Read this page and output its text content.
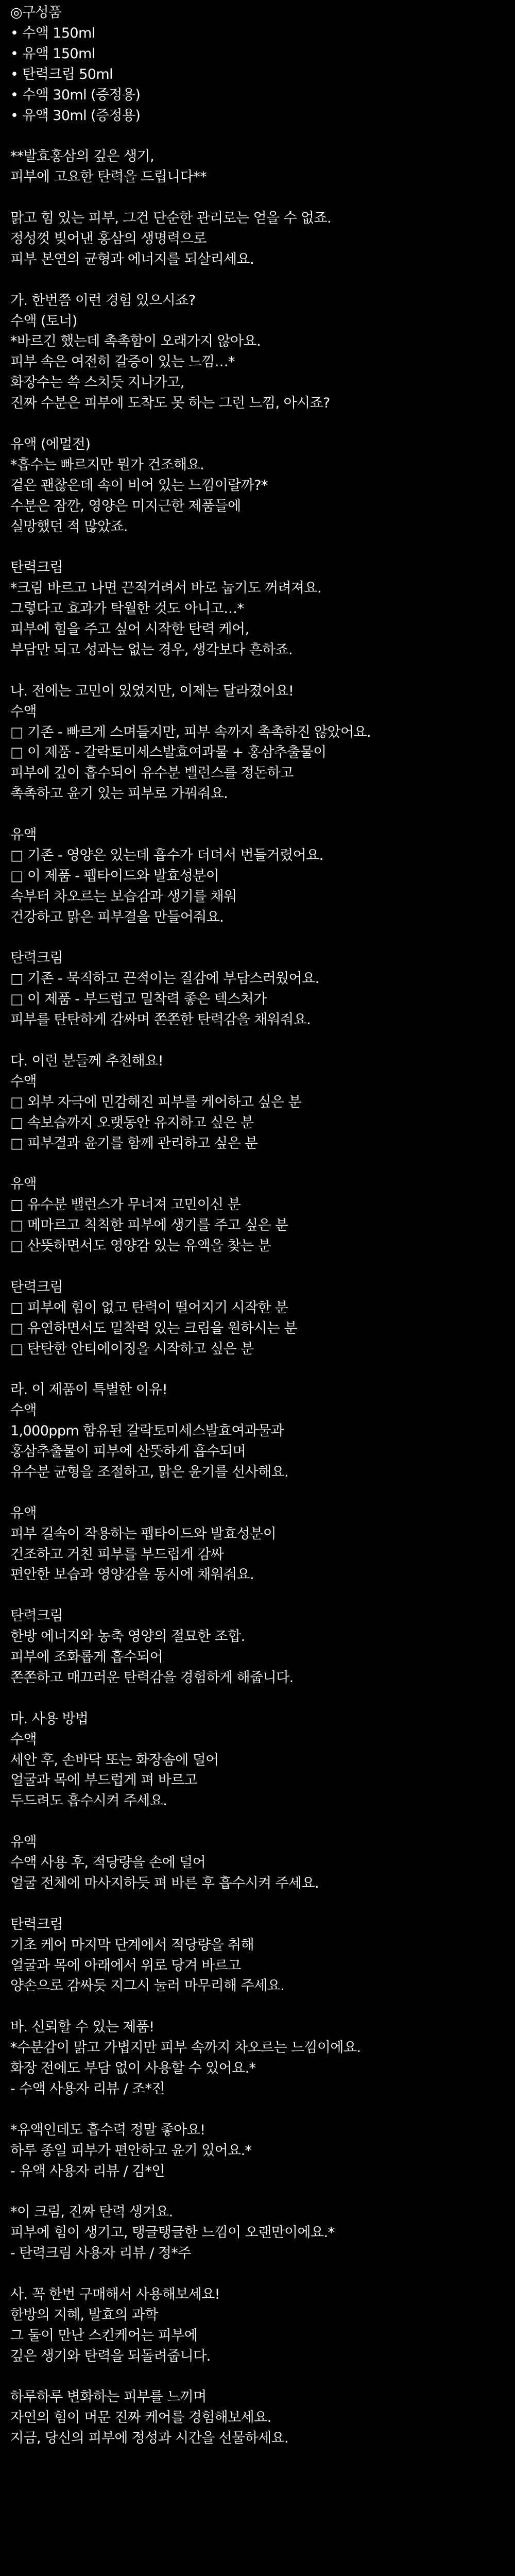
◎구성품

• 수액 150ml

• 유액 150ml

• 탄력크림 50ml

• 수액 30ml (증정용)

• 유액 30ml (증정용)

**발효홍삼의 깊은 생기,

피부에 고요한 탄력을 드립니다**

맑고 힘 있는 피부, 그건 단순한 관리로는 얻을 수 없죠.

정성껏 빚어낸 홍삼의 생명력으로

피부 본연의 균형과 에너지를 되살리세요.

가. 한번쯤 이런 경험 있으시죠?

수액 (토너)

*바르긴 했는데 촉촉함이 오래가지 않아요.

피부 속은 여전히 갈증이 있는 느낌…*

화장수는 쓱 스치듯 지나가고,

진짜 수분은 피부에 도착도 못 하는 그런 느낌, 아시죠?

유액 (에멀전)

*흡수는 빠르지만 뭔가 건조해요.

겉은 괜찮은데 속이 비어 있는 느낌이랄까?*

수분은 잠깐, 영양은 미지근한 제품들에

실망했던 적 많았죠.

탄력크림

*크림 바르고 나면 끈적거려서 바로 눕기도 꺼려져요.

그렇다고 효과가 탁월한 것도 아니고…*

피부에 힘을 주고 싶어 시작한 탄력 케어,

부담만 되고 성과는 없는 경우, 생각보다 흔하죠.

나. 전에는 고민이 있었지만, 이제는 달라졌어요!

수액

□ 기존 - 빠르게 스며들지만, 피부 속까지 촉촉하진 않았어요.

□ 이 제품 - 갈락토미세스발효여과물 + 홍삼추출물이

피부에 깊이 흡수되어 유수분 밸런스를 정돈하고

촉촉하고 윤기 있는 피부로 가꿔줘요.

유액

□ 기존 - 영양은 있는데 흡수가 더뎌서 번들거렸어요.

□ 이 제품 - 펩타이드와 발효성분이

속부터 차오르는 보습감과 생기를 채워

건강하고 맑은 피부결을 만들어줘요.

탄력크림

□ 기존 - 묵직하고 끈적이는 질감에 부담스러웠어요.

□ 이 제품 - 부드럽고 밀착력 좋은 텍스처가

피부를 탄탄하게 감싸며 쫀쫀한 탄력감을 채워줘요.

다. 이런 분들께 추천해요!

수액

□ 외부 자극에 민감해진 피부를 케어하고 싶은 분

□ 속보습까지 오랫동안 유지하고 싶은 분

□ 피부결과 윤기를 함께 관리하고 싶은 분

유액

□ 유수분 밸런스가 무너져 고민이신 분

□ 메마르고 칙칙한 피부에 생기를 주고 싶은 분

□ 산뜻하면서도 영양감 있는 유액을 찾는 분

탄력크림

□ 피부에 힘이 없고 탄력이 떨어지기 시작한 분

□ 유연하면서도 밀착력 있는 크림을 원하시는 분

□ 탄탄한 안티에이징을 시작하고 싶은 분

라. 이 제품이 특별한 이유!

수액

1,000ppm 함유된 갈락토미세스발효여과물과

홍삼추출물이 피부에 산뜻하게 흡수되며

유수분 균형을 조절하고, 맑은 윤기를 선사해요.

유액

피부 길속이 작용하는 펩타이드와 발효성분이

건조하고 거친 피부를 부드럽게 감싸

편안한 보습과 영양감을 동시에 채워줘요.

탄력크림

한방 에너지와 농축 영양의 절묘한 조합.

피부에 조화롭게 흡수되어

쫀쫀하고 매끄러운 탄력감을 경험하게 해줍니다.

마. 사용 방법

수액

세안 후, 손바닥 또는 화장솜에 덜어

얼굴과 목에 부드럽게 펴 바르고

두드려도 흡수시켜 주세요.

유액

수액 사용 후, 적당량을 손에 덜어

얼굴 전체에 마사지하듯 펴 바른 후 흡수시켜 주세요.

탄력크림

기초 케어 마지막 단계에서 적당량을 취해

얼굴과 목에 아래에서 위로 당겨 바르고

양손으로 감싸듯 지그시 눌러 마무리해 주세요.

바. 신뢰할 수 있는 제품!

*수분감이 맑고 가볍지만 피부 속까지 차오르는 느낌이에요.

화장 전에도 부담 없이 사용할 수 있어요.*

- 수액 사용자 리뷰 / 조*진

*유액인데도 흡수력 정말 좋아요!

하루 종일 피부가 편안하고 윤기 있어요.*

- 유액 사용자 리뷰 / 김*인

*이 크림, 진짜 탄력 생겨요.

피부에 힘이 생기고, 탱글탱글한 느낌이 오랜만이에요.*

- 탄력크림 사용자 리뷰 / 정*주

사. 꼭 한번 구매해서 사용해보세요!

한방의 지혜, 발효의 과학

그 둘이 만난 스킨케어는 피부에

깊은 생기와 탄력을 되돌려줍니다.

하루하루 변화하는 피부를 느끼며

자연의 힘이 머문 진짜 케어를 경험해보세요.

지금, 당신의 피부에 정성과 시간을 선물하세요.
